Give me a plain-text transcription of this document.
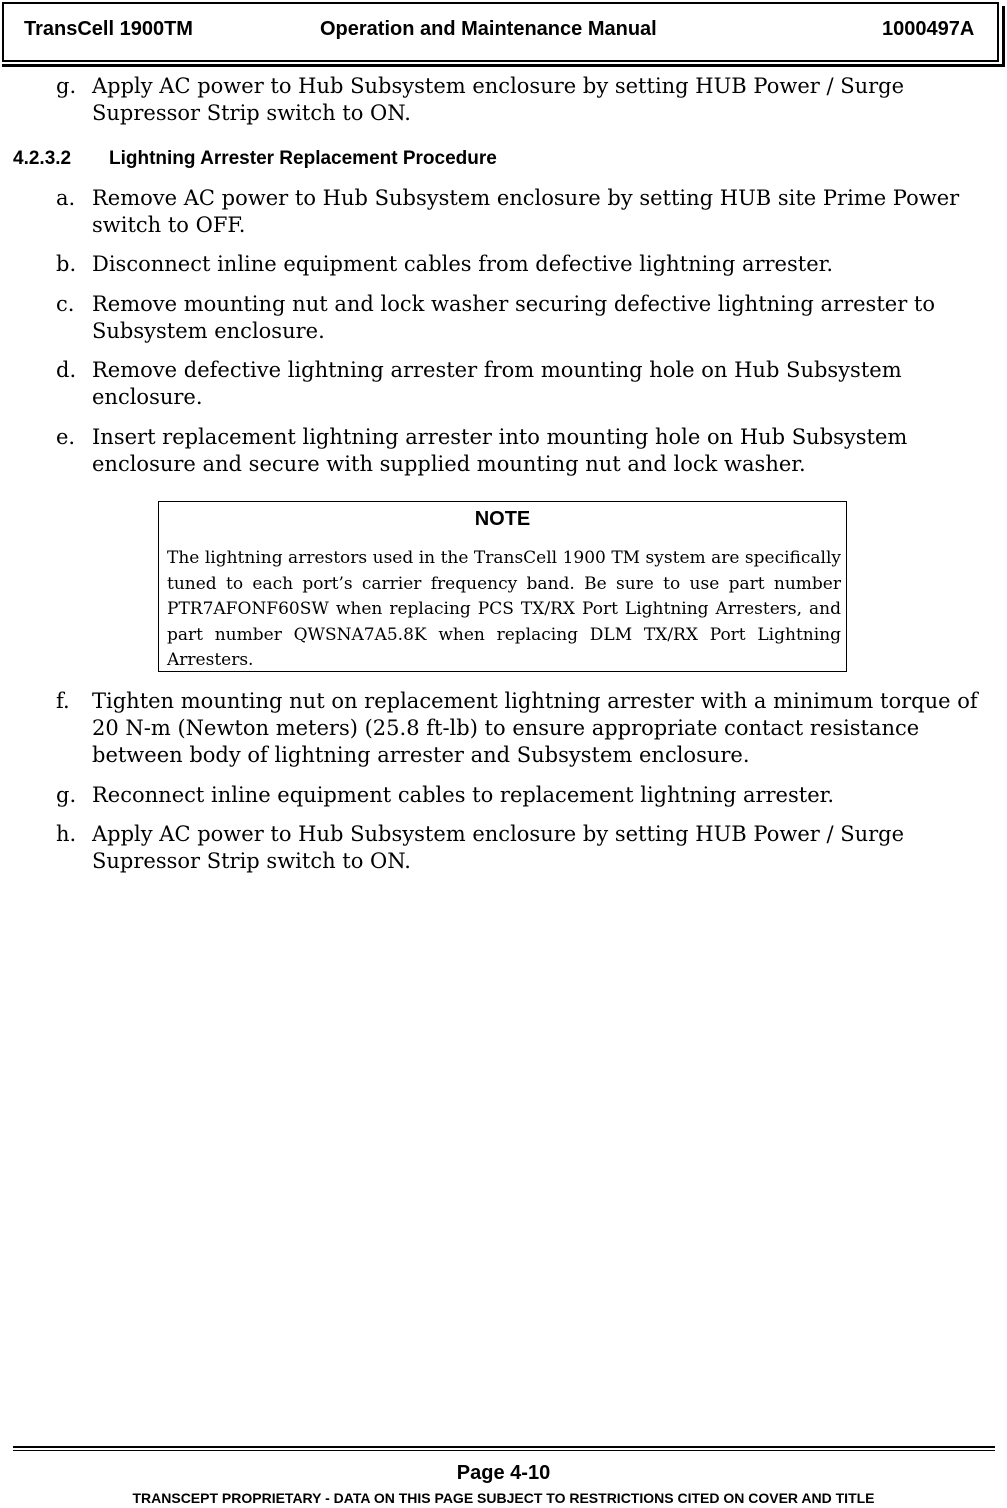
TransCell 1900TM	Operation and Maintenance Manual	1000497A
g. Apply AC power to Hub Subsystem enclosure by setting HUB Power / Surge Supressor Strip switch to ON.
4.2.3.2 Lightning Arrester Replacement Procedure
a. Remove AC power to Hub Subsystem enclosure by setting HUB site Prime Power switch to OFF.
b. Disconnect inline equipment cables from defective lightning arrester.
c. Remove mounting nut and lock washer securing defective lightning arrester to Subsystem enclosure.
d. Remove defective lightning arrester from mounting hole on Hub Subsystem enclosure.
e. Insert replacement lightning arrester into mounting hole on Hub Subsystem enclosure and secure with supplied mounting nut and lock washer.
NOTE
The lightning arrestors used in the TransCell 1900 TM system are specifically tuned to each port’s carrier frequency band. Be sure to use part number PTR7AFONF60SW when replacing PCS TX/RX Port Lightning Arresters, and part number QWSNA7A5.8K when replacing DLM TX/RX Port Lightning Arresters.
f. Tighten mounting nut on replacement lightning arrester with a minimum torque of 20 N-m (Newton meters) (25.8 ft-lb) to ensure appropriate contact resistance between body of lightning arrester and Subsystem enclosure.
g. Reconnect inline equipment cables to replacement lightning arrester.
h. Apply AC power to Hub Subsystem enclosure by setting HUB Power / Surge Supressor Strip switch to ON.
Page 4-10
TRANSCEPT PROPRIETARY - DATA ON THIS PAGE SUBJECT TO RESTRICTIONS CITED ON COVER AND TITLE
